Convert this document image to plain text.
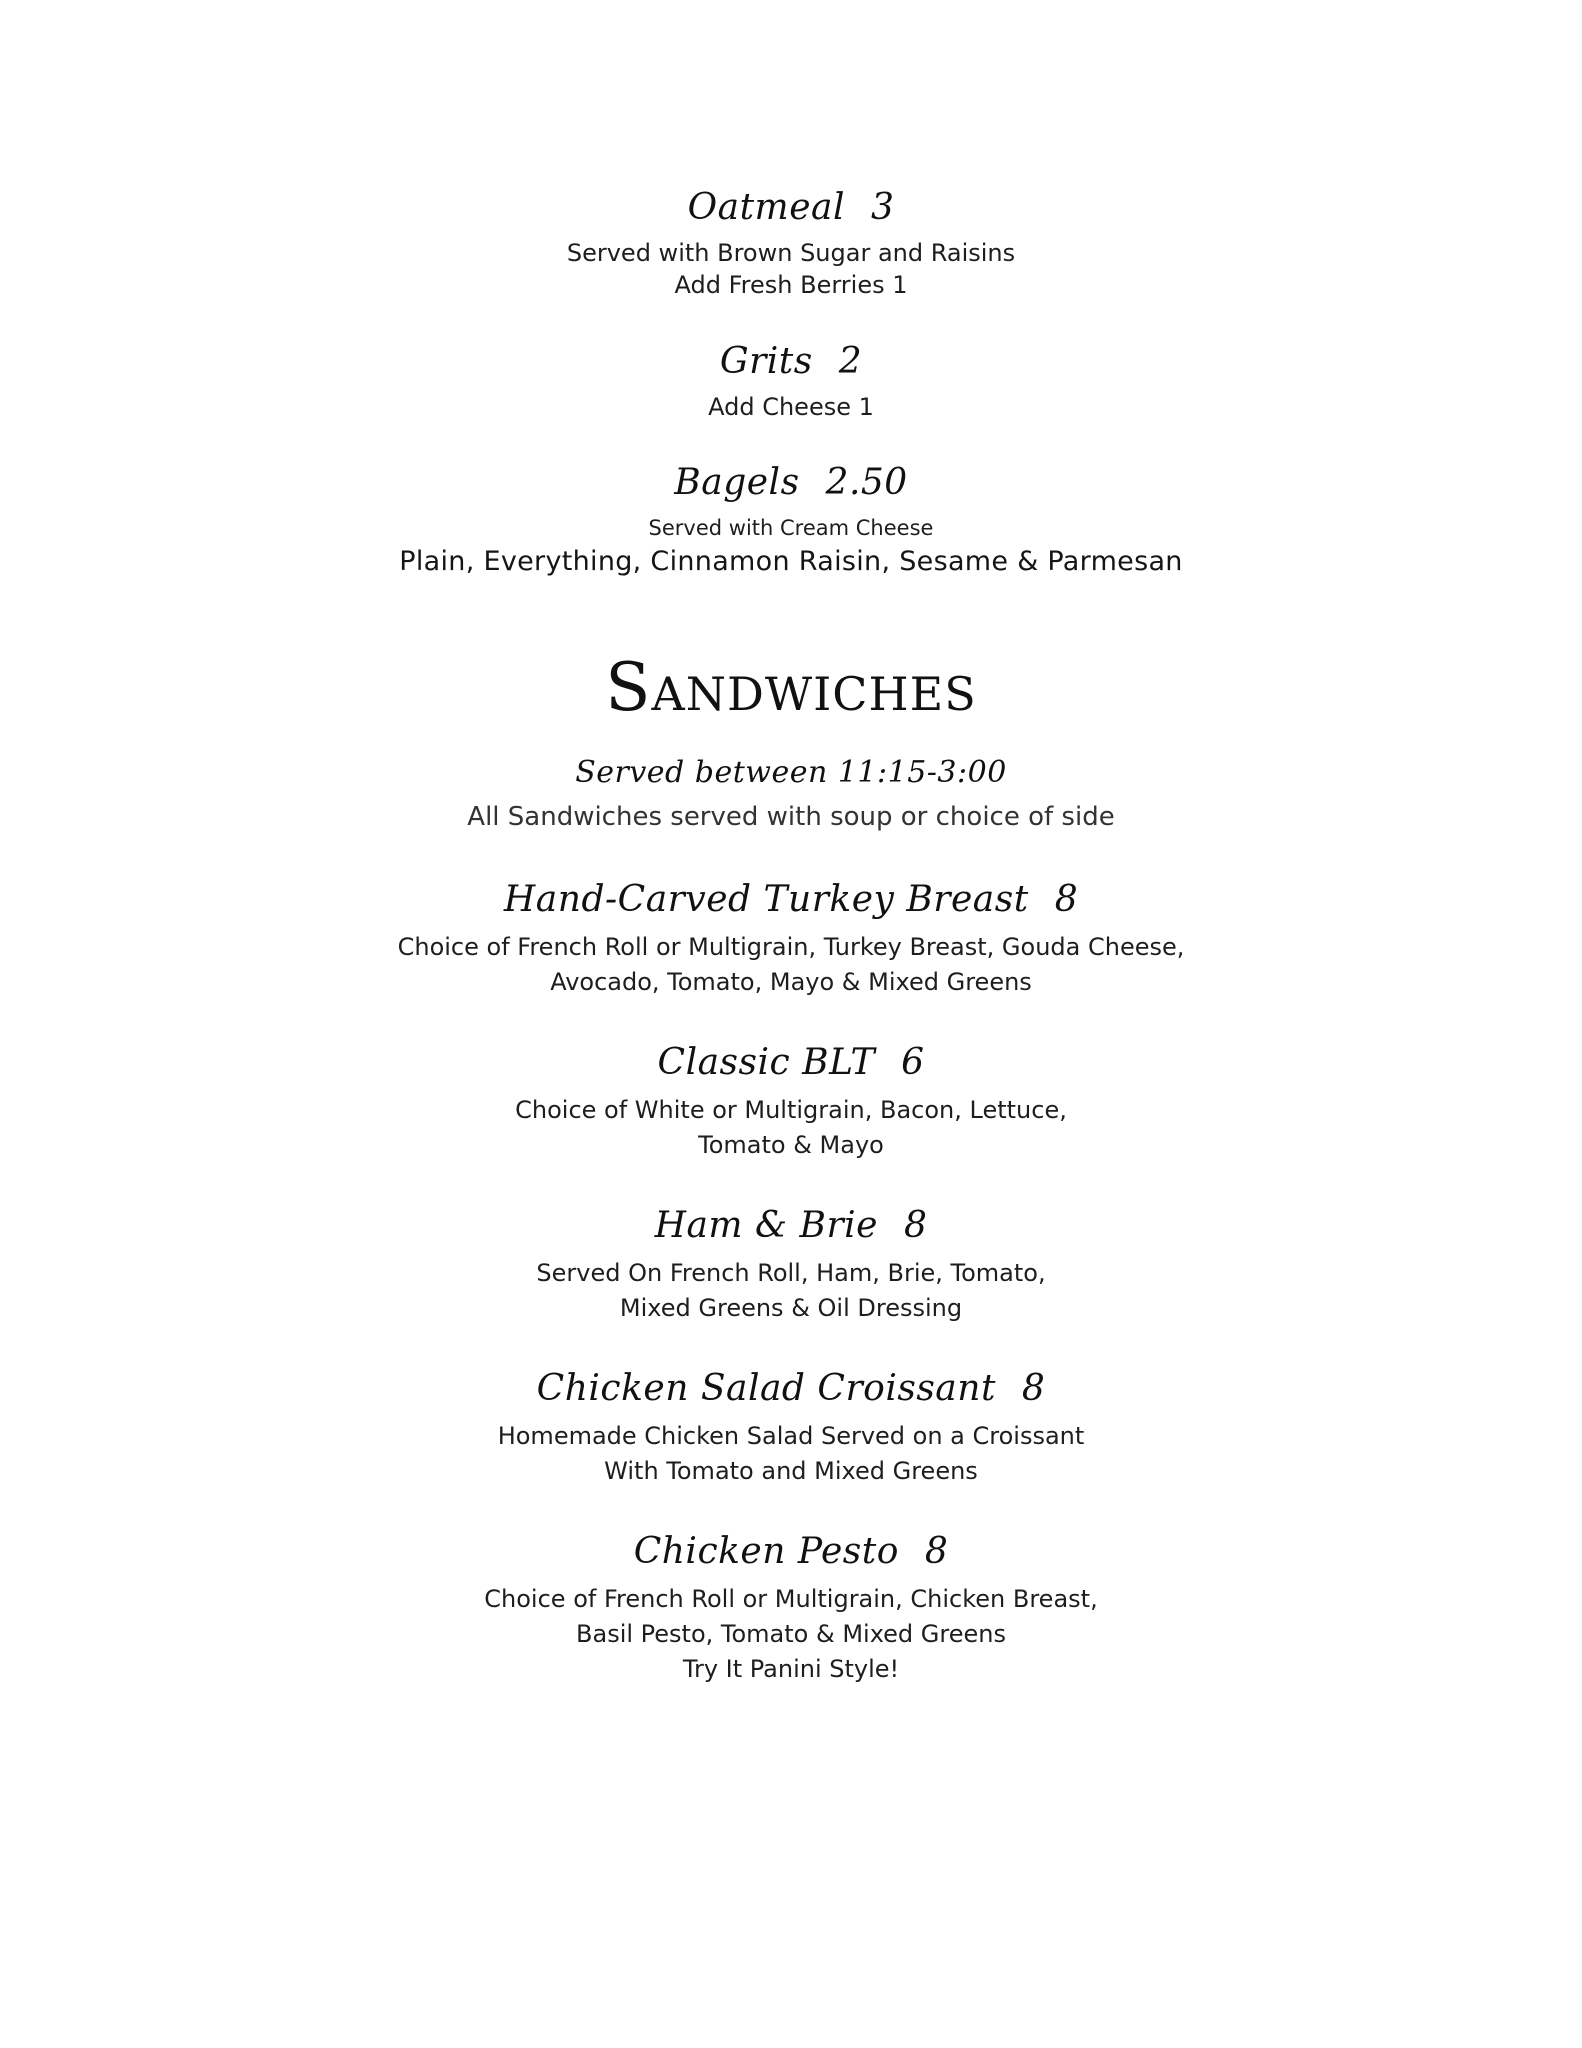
Oatmeal 3
Served with Brown Sugar and Raisins
Add Fresh Berries 1
Grits 2
Add Cheese 1
Bagels 2.50
Served with Cream Cheese
Plain, Everything, Cinnamon Raisin, Sesame & Parmesan
Sandwiches
Served between 11:15-3:00
All Sandwiches served with soup or choice of side
Hand-Carved Turkey Breast 8
Choice of French Roll or Multigrain, Turkey Breast, Gouda Cheese,
Avocado, Tomato, Mayo & Mixed Greens
Classic BLT 6
Choice of White or Multigrain, Bacon, Lettuce,
Tomato & Mayo
Ham & Brie 8
Served On French Roll, Ham, Brie, Tomato,
Mixed Greens & Oil Dressing
Chicken Salad Croissant 8
Homemade Chicken Salad Served on a Croissant
With Tomato and Mixed Greens
Chicken Pesto 8
Choice of French Roll or Multigrain, Chicken Breast,
Basil Pesto, Tomato & Mixed Greens
Try It Panini Style!
